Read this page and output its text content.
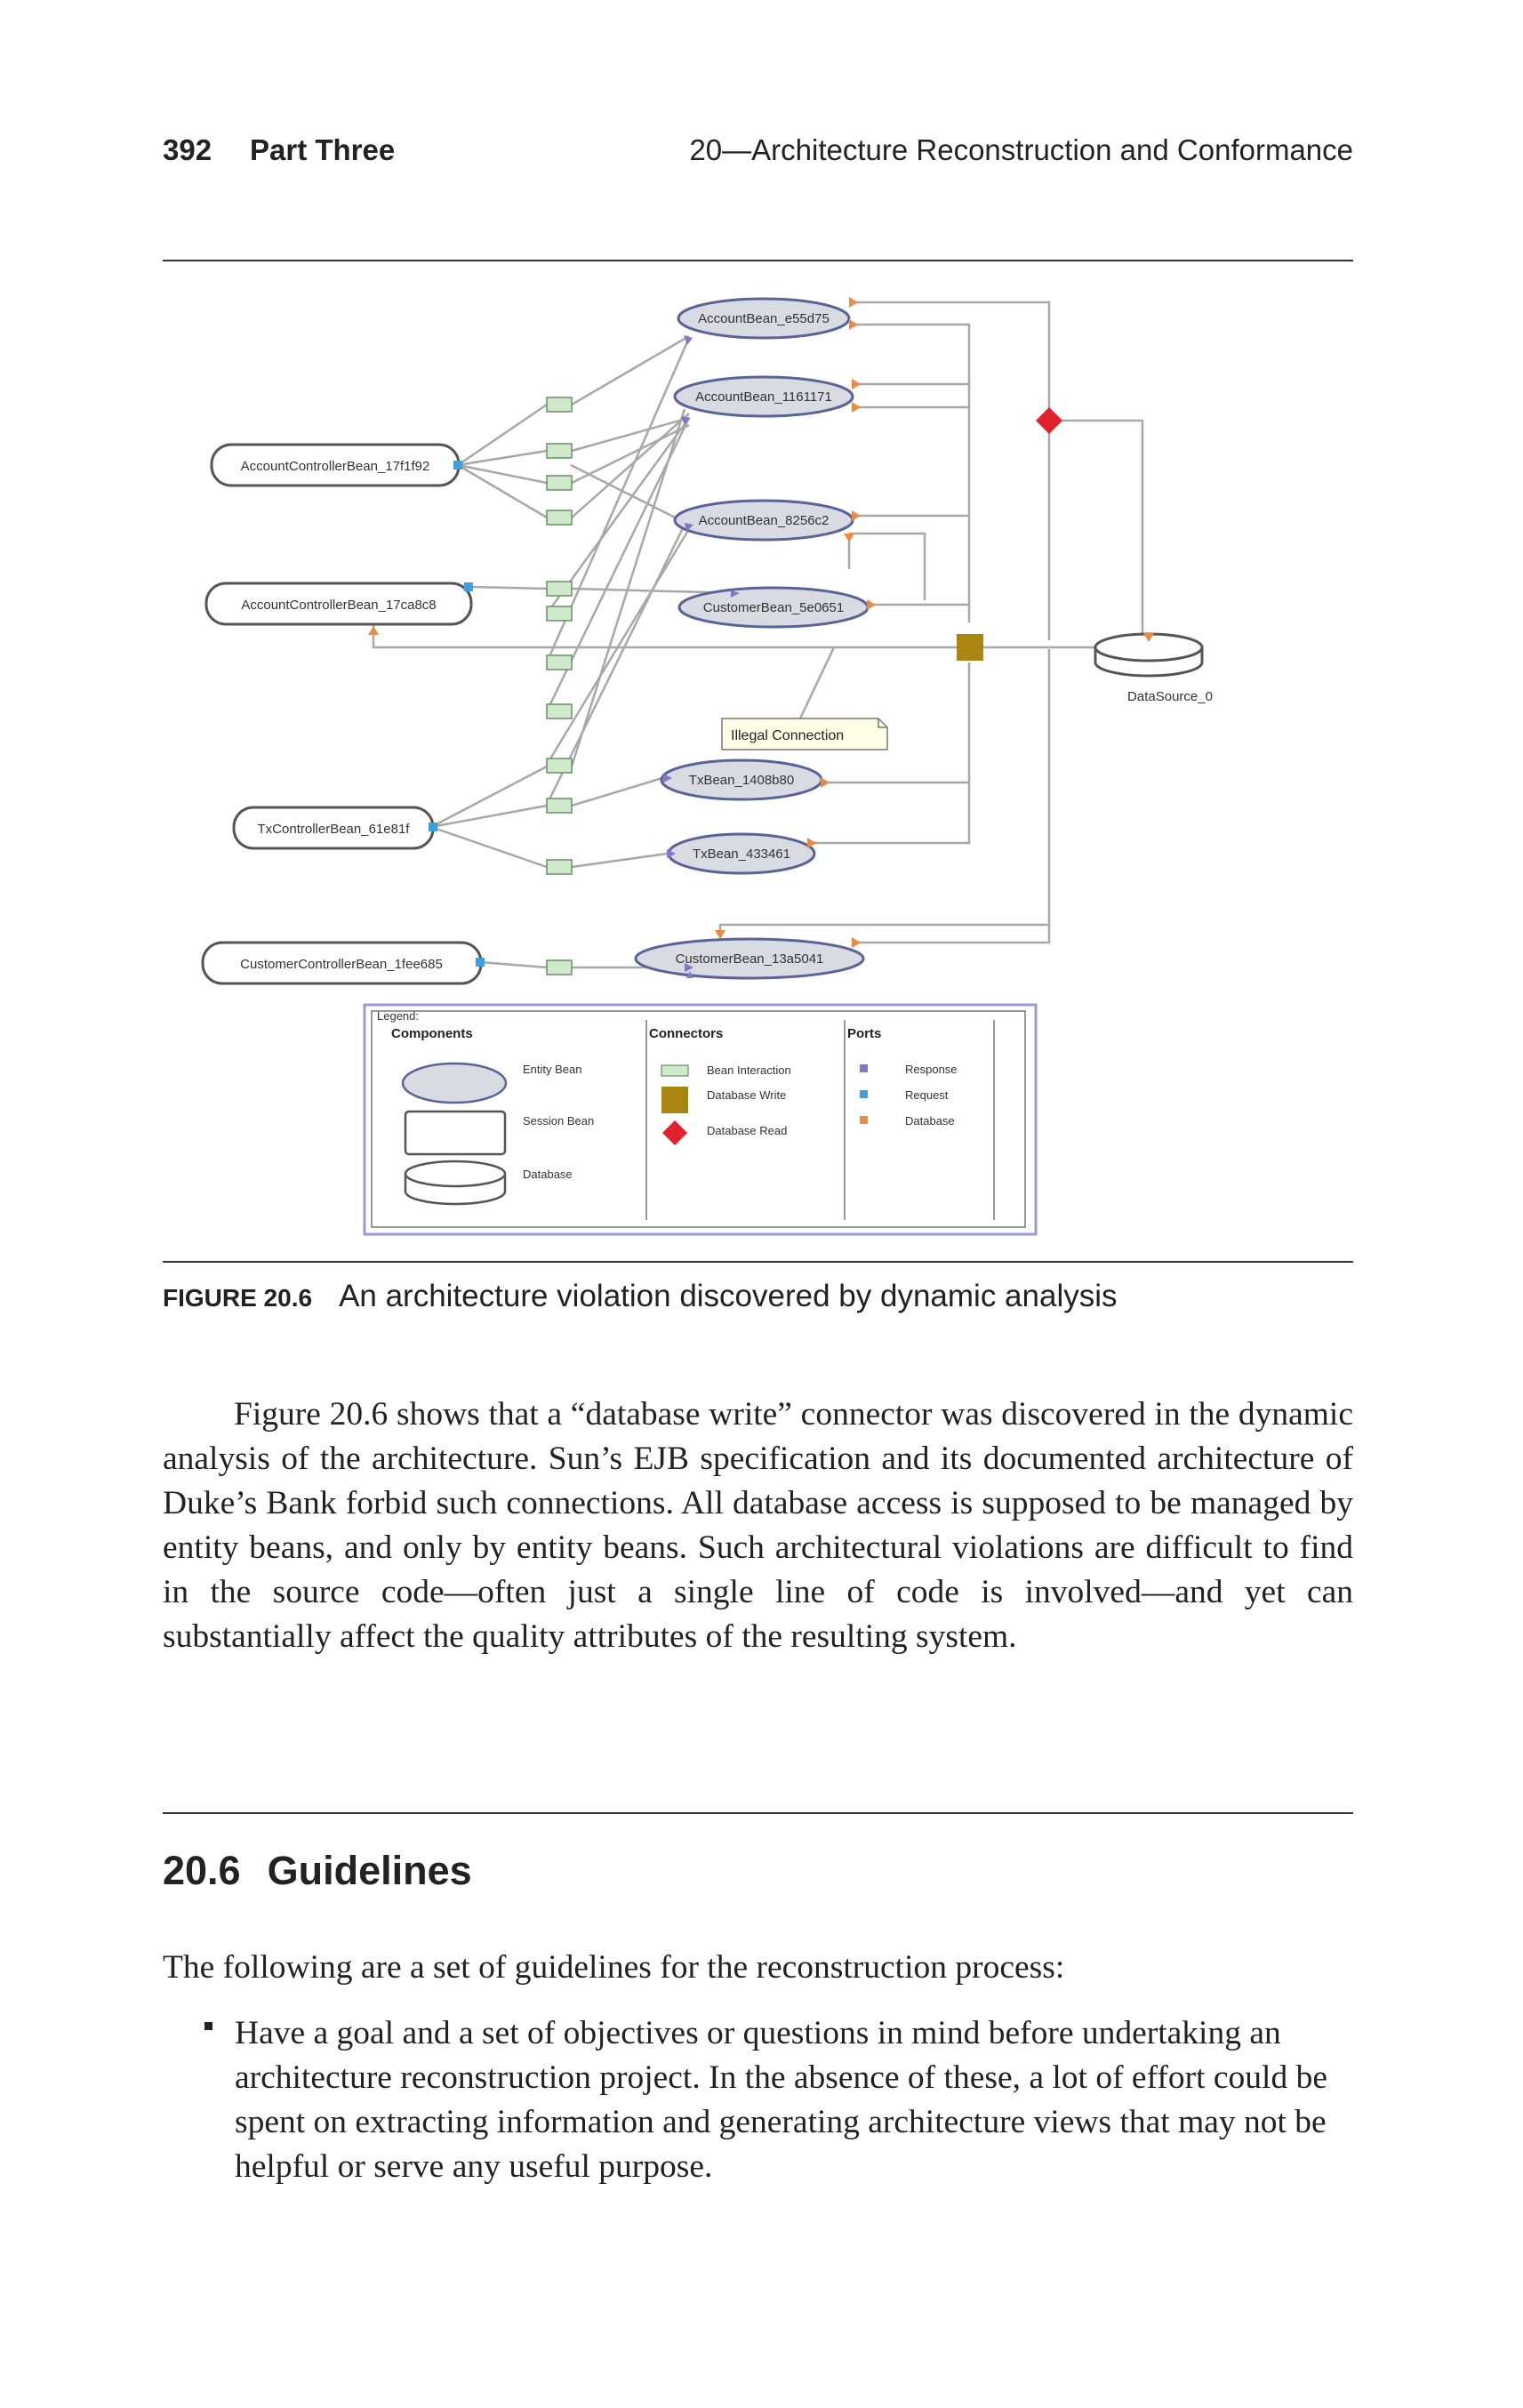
392 Part Three	20—Architecture Reconstruction and Conformance
AccountControllerBean_17f1f92
AccountControllerBean_17ca8c8
TxControllerBean_61e81f
CustomerControllerBean_1fee685
AccountBean_e55d75
AccountBean_1161171
AccountBean_8256c2
CustomerBean_5e0651
TxBean_1408b80
TxBean_433461
CustomerBean_13a5041
DataSource_0
Illegal Connection
Legend:
Components	Connectors	Ports
Entity Bean
Session Bean
Database
Bean Interaction
Database Write
Database Read
Response
Request
Database
FIGURE 20.6 An architecture violation discovered by dynamic analysis

Figure 20.6 shows that a “database write” connector was discovered in the dynamic analysis of the architecture. Sun’s EJB specification and its documented architecture of Duke’s Bank forbid such connections. All database access is supposed to be managed by entity beans, and only by entity beans. Such architectural violations are difficult to find in the source code—often just a single line of code is involved—and yet can substantially affect the quality attributes of the resulting system.

20.6 Guidelines

The following are a set of guidelines for the reconstruction process:

Have a goal and a set of objectives or questions in mind before undertaking an architecture reconstruction project. In the absence of these, a lot of effort could be spent on extracting information and generating architecture views that may not be helpful or serve any useful purpose.
